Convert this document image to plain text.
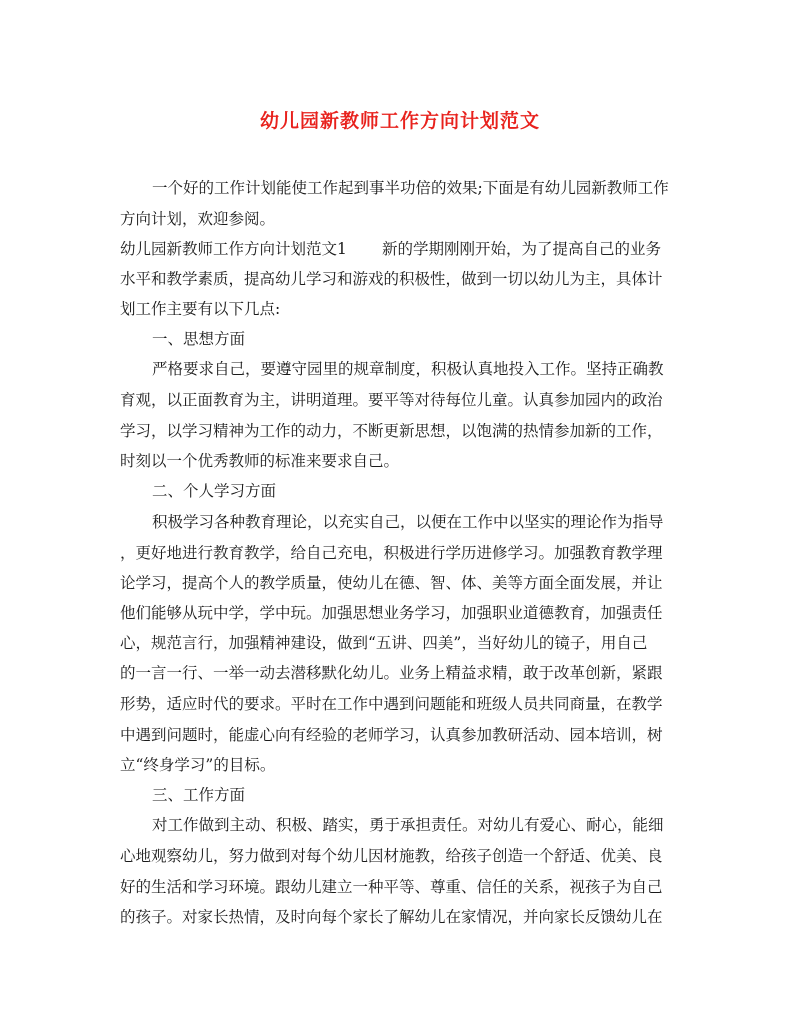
幼儿园新教师工作方向计划范文
一个好的工作计划能使工作起到事半功倍的效果;下面是有幼儿园新教师工作
方向计划，欢迎参阅。
幼儿园新教师工作方向计划范文1 新的学期刚刚开始，为了提高自己的业务
水平和教学素质，提高幼儿学习和游戏的积极性，做到一切以幼儿为主，具体计
划工作主要有以下几点:
一、思想方面
严格要求自己，要遵守园里的规章制度，积极认真地投入工作。坚持正确教
育观，以正面教育为主，讲明道理。要平等对待每位儿童。认真参加园内的政治
学习，以学习精神为工作的动力，不断更新思想，以饱满的热情参加新的工作，
时刻以一个优秀教师的标准来要求自己。
二、个人学习方面
积极学习各种教育理论，以充实自己，以便在工作中以坚实的理论作为指导
，更好地进行教育教学，给自己充电，积极进行学历进修学习。加强教育教学理
论学习，提高个人的教学质量，使幼儿在德、智、体、美等方面全面发展，并让
他们能够从玩中学，学中玩。加强思想业务学习，加强职业道德教育，加强责任
心，规范言行，加强精神建设，做到“五讲、四美”，当好幼儿的镜子，用自己
的一言一行、一举一动去潜移默化幼儿。业务上精益求精，敢于改革创新，紧跟
形势，适应时代的要求。平时在工作中遇到问题能和班级人员共同商量，在教学
中遇到问题时，能虚心向有经验的老师学习，认真参加教研活动、园本培训，树
立“终身学习”的目标。
三、工作方面
对工作做到主动、积极、踏实，勇于承担责任。对幼儿有爱心、耐心，能细
心地观察幼儿，努力做到对每个幼儿因材施教，给孩子创造一个舒适、优美、良
好的生活和学习环境。跟幼儿建立一种平等、尊重、信任的关系，视孩子为自己
的孩子。对家长热情，及时向每个家长了解幼儿在家情况，并向家长反馈幼儿在
